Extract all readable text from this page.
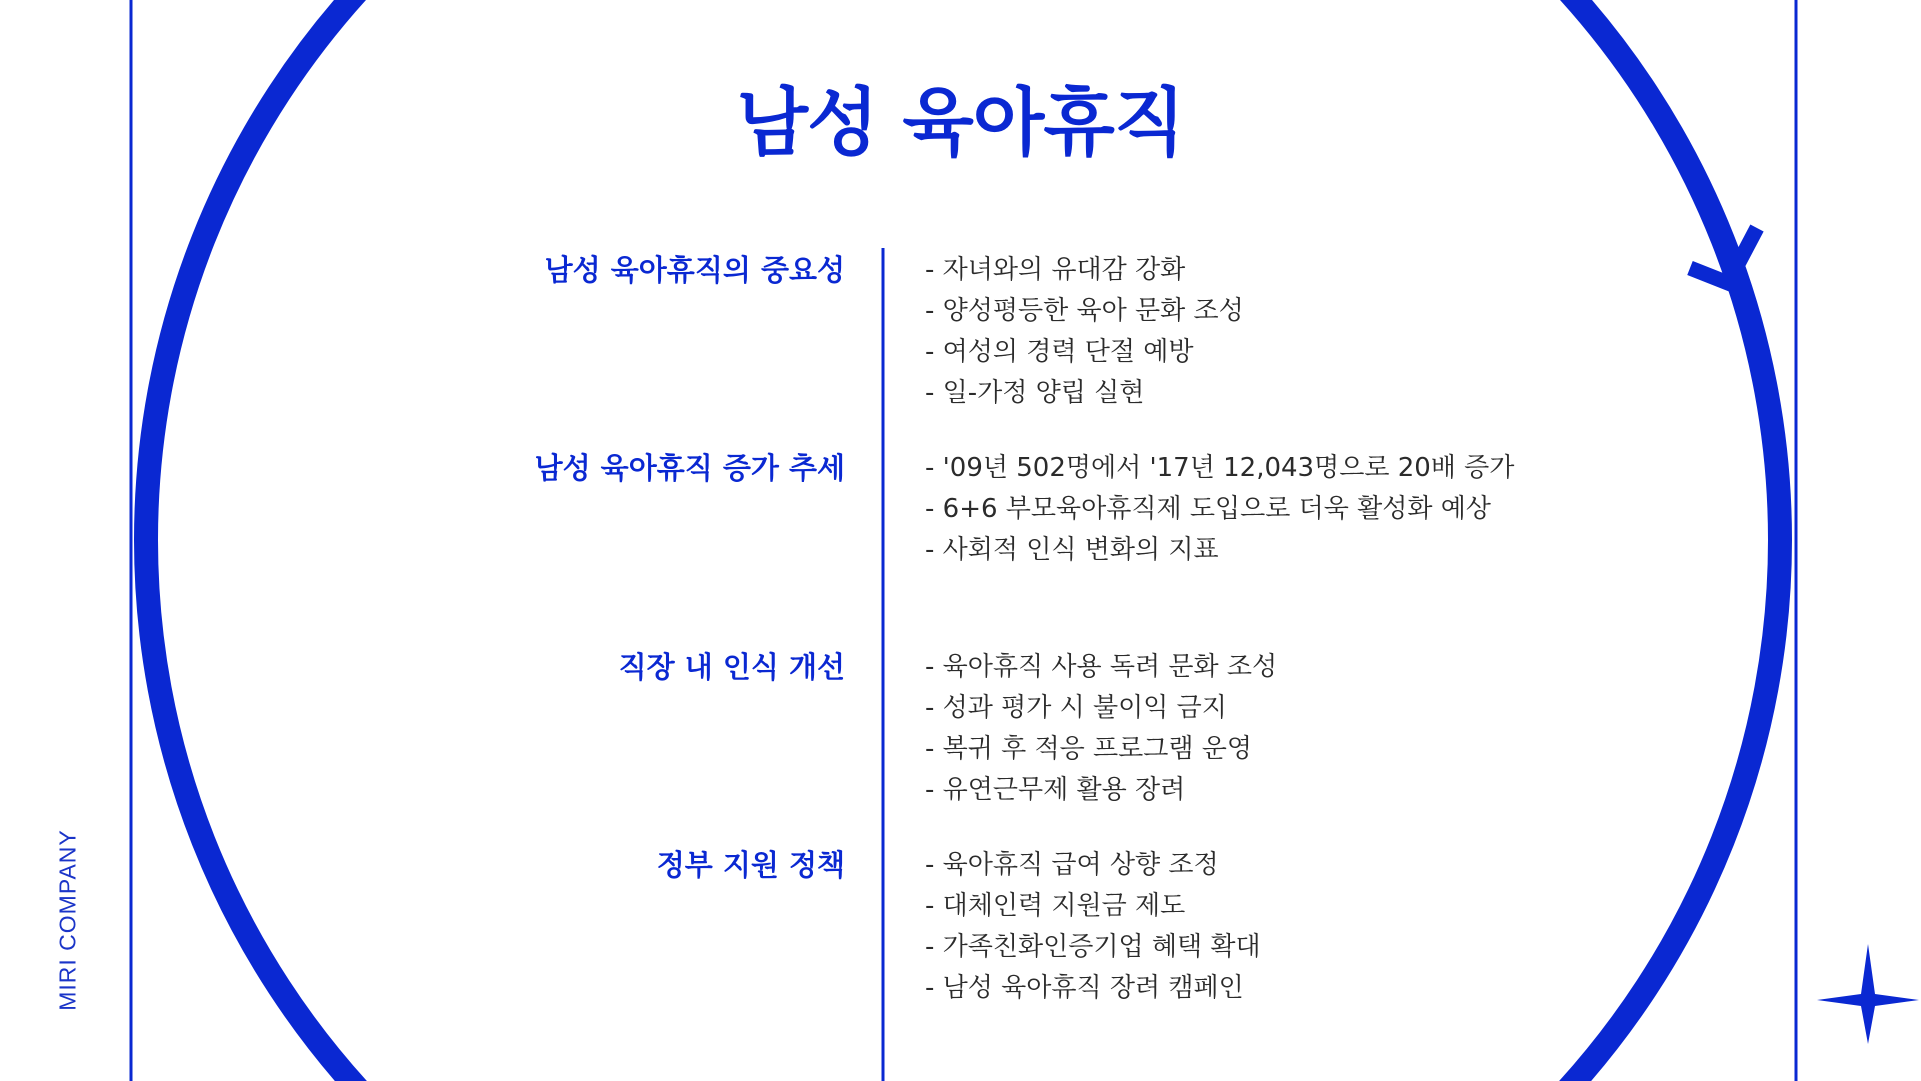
남성 육아휴직
MIRI COMPANY
남성 육아휴직의 중요성	- 자녀와의 유대감 강화
- 양성평등한 육아 문화 조성
- 여성의 경력 단절 예방
- 일-가정 양립 실현
남성 육아휴직 증가 추세	- '09년 502명에서 '17년 12,043명으로 20배 증가
- 6+6 부모육아휴직제 도입으로 더욱 활성화 예상
- 사회적 인식 변화의 지표
직장 내 인식 개선	- 육아휴직 사용 독려 문화 조성
- 성과 평가 시 불이익 금지
- 복귀 후 적응 프로그램 운영
- 유연근무제 활용 장려
정부 지원 정책	- 육아휴직 급여 상향 조정
- 대체인력 지원금 제도
- 가족친화인증기업 혜택 확대
- 남성 육아휴직 장려 캠페인
